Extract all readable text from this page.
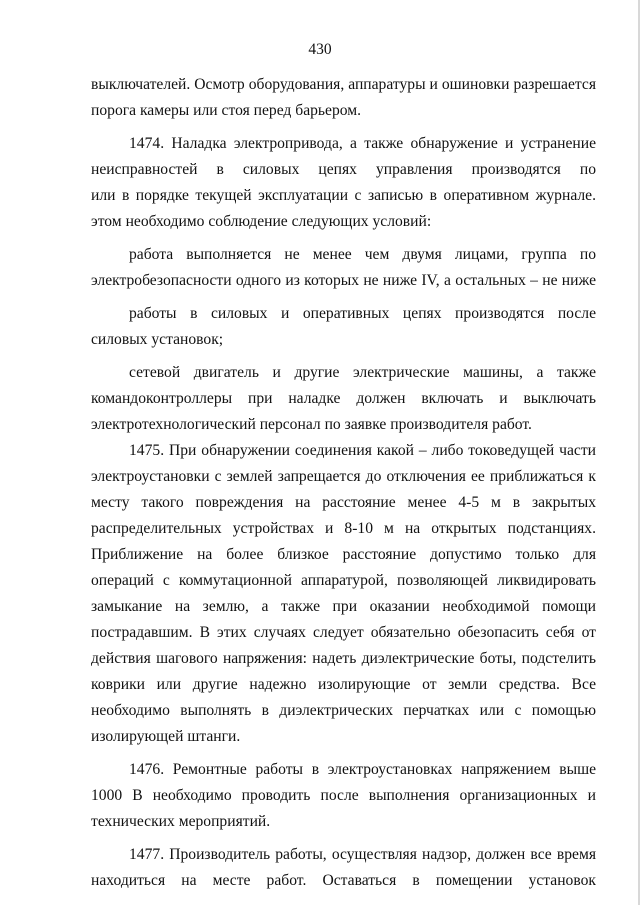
430
выключателей. Осмотр оборудования, аппаратуры и ошиновки разрешается
порога камеры или стоя перед барьером.
1474. Наладка электропривода, а также обнаружение и устранение
неисправностей в силовых цепях управления производятся по
или в порядке текущей эксплуатации с записью в оперативном журнале.
этом необходимо соблюдение следующих условий:
работа выполняется не менее чем двумя лицами, группа по
электробезопасности одного из которых не ниже IV, а остальных – не ниже
работы в силовых и оперативных цепях производятся после
силовых установок;
сетевой двигатель и другие электрические машины, а также
командоконтроллеры при наладке должен включать и выключать
электротехнологический персонал по заявке производителя работ.
1475. При обнаружении соединения какой – либо токоведущей части
электроустановки с землей запрещается до отключения ее приближаться к
месту такого повреждения на расстояние менее 4-5 м в закрытых
распределительных устройствах и 8-10 м на открытых подстанциях.
Приближение на более близкое расстояние допустимо только для
операций с коммутационной аппаратурой, позволяющей ликвидировать
замыкание на землю, а также при оказании необходимой помощи
пострадавшим. В этих случаях следует обязательно обезопасить себя от
действия шагового напряжения: надеть диэлектрические боты, подстелить
коврики или другие надежно изолирующие от земли средства. Все
необходимо выполнять в диэлектрических перчатках или с помощью
изолирующей штанги.
1476. Ремонтные работы в электроустановках напряжением выше
1000 В необходимо проводить после выполнения организационных и
технических мероприятий.
1477. Производитель работы, осуществляя надзор, должен все время
находиться на месте работ. Оставаться в помещении установок
